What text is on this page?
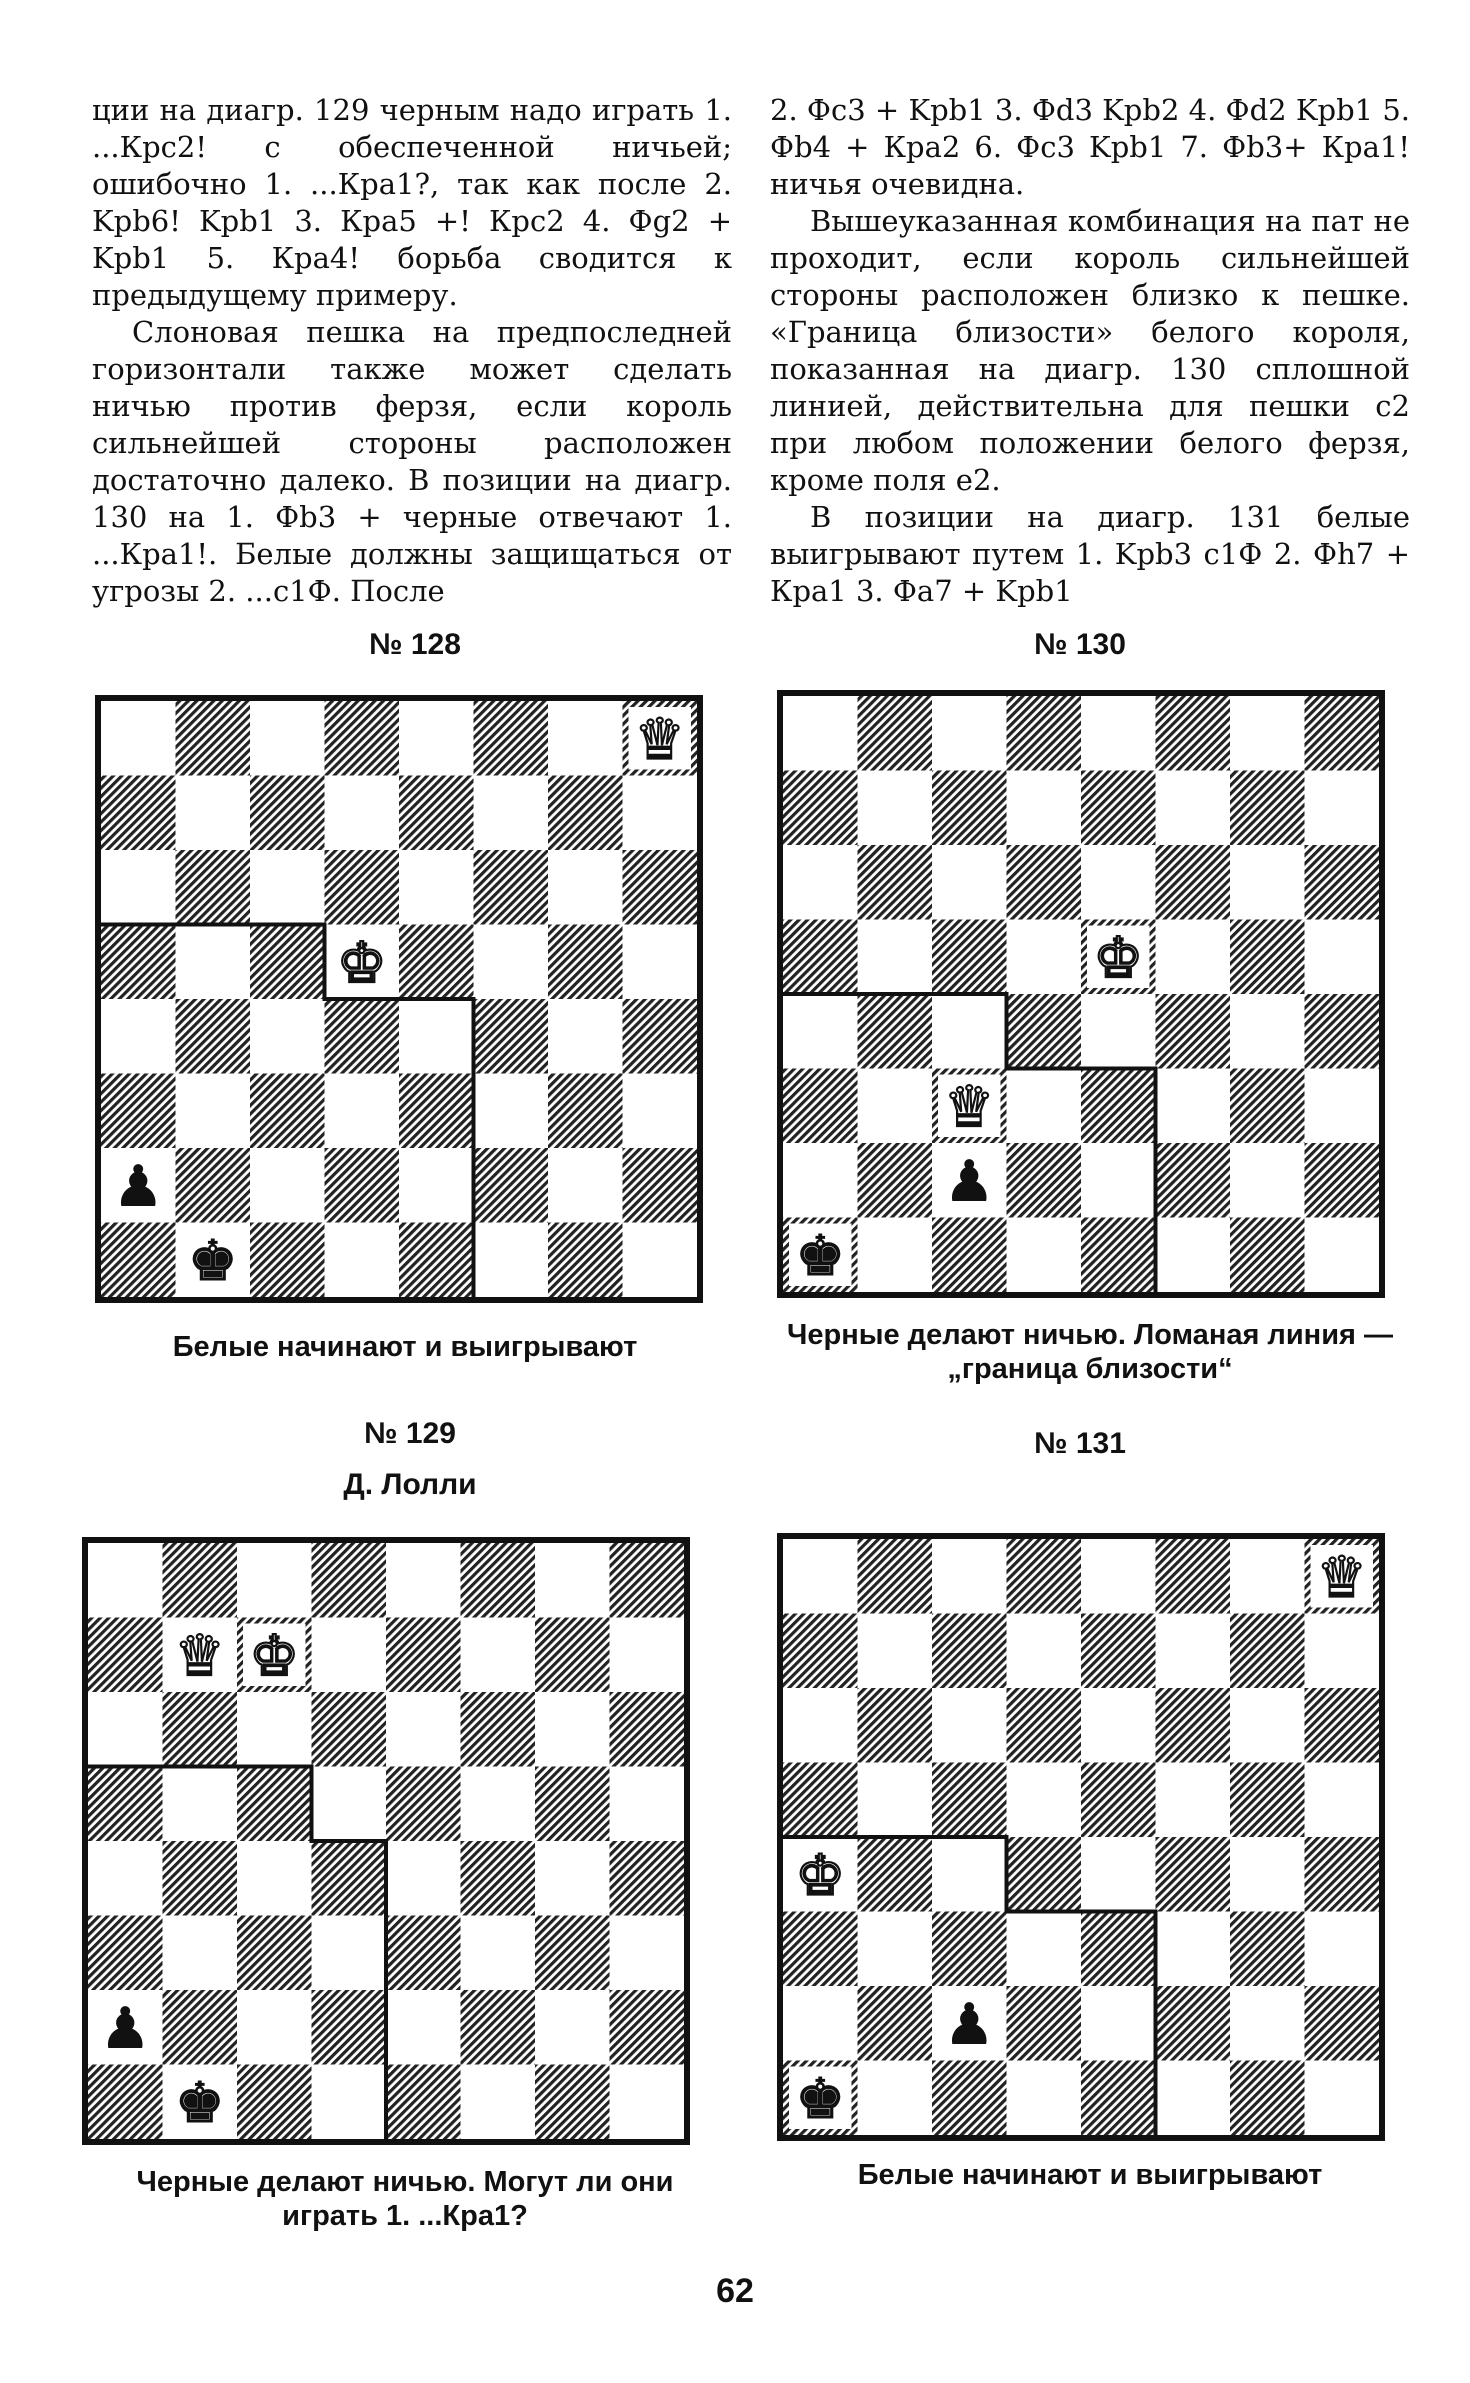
ции на диагр. 129 черным надо играть 1. ...Крс2! с обеспеченной ничьей; ошибочно 1. ...Кра1?, так как после 2. Kpb6! Kpb1 3. Кра5 +! Крс2 4. Фg2 + Kpb1 5. Кра4! борьба сводится к предыдущему примеру.

Слоновая пешка на предпоследней горизонтали также может сделать ничью против ферзя, если король сильнейшей стороны расположен достаточно далеко. В позиции на диагр. 130 на 1. Фb3 + черные отвечают 1. ...Кра1!. Белые должны защищаться от угрозы 2. ...с1Ф. После

2. Фс3 + Kpb1 3. Фd3 Kpb2 4. Фd2 Kpb1 5. Фb4 + Кра2 6. Фс3 Kpb1 7. Фb3+ Кра1! ничья очевидна.

Вышеуказанная комбинация на пат не проходит, если король сильнейшей стороны расположен близко к пешке. «Граница близости» белого короля, показанная на диагр. 130 сплошной линией, действительна для пешки с2 при любом положении белого ферзя, кроме поля е2.

В позиции на диагр. 131 белые выигрывают путем 1. Kpb3 с1Ф 2. Фh7 + Кра1 3. Фа7 + Kpb1

№ 128
♛
♚
♟
♚
Белые начинают и выигрывают
№ 130
♚
♛
♟
♚
Черные делают ничью. Ломаная линия — „граница близости“
№ 129
Д. Лолли
♛ ♚
♟
♚
Черные делают ничью. Могут ли они играть 1. ...Кра1?
№ 131
♛
♚
♟
♚
Белые начинают и выигрывают
62
